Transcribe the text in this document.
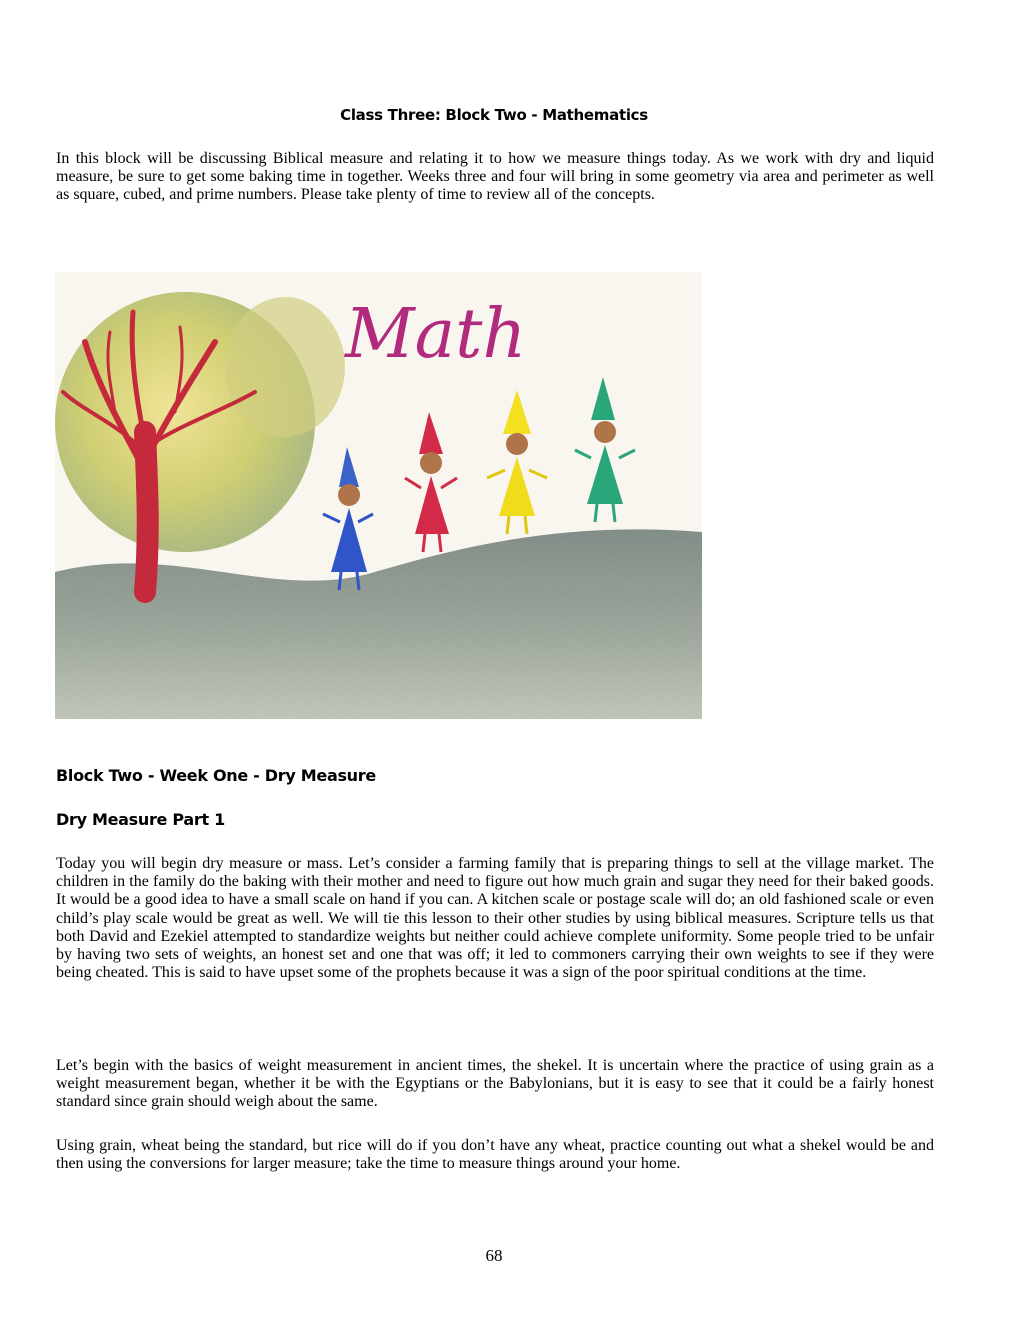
Class Three: Block Two - Mathematics

In this block will be discussing Biblical measure and relating it to how we measure things today. As we work with dry and liquid measure, be sure to get some baking time in together. Weeks three and four will bring in some geometry via area and perimeter as well as square, cubed, and prime numbers. Please take plenty of time to review all of the concepts.

Math
Block Two - Week One - Dry Measure
Dry Measure Part 1

Today you will begin dry measure or mass. Let’s consider a farming family that is preparing things to sell at the village market. The children in the family do the baking with their mother and need to figure out how much grain and sugar they need for their baked goods. It would be a good idea to have a small scale on hand if you can. A kitchen scale or postage scale will do; an old fashioned scale or even child’s play scale would be great as well. We will tie this lesson to their other studies by using biblical measures. Scripture tells us that both David and Ezekiel attempted to standardize weights but neither could achieve complete uniformity. Some people tried to be unfair by having two sets of weights, an honest set and one that was off; it led to commoners carrying their own weights to see if they were being cheated. This is said to have upset some of the prophets because it was a sign of the poor spiritual conditions at the time.

Let’s begin with the basics of weight measurement in ancient times, the shekel. It is uncertain where the practice of using grain as a weight measurement began, whether it be with the Egyptians or the Babylonians, but it is easy to see that it could be a fairly honest standard since grain should weigh about the same.

Using grain, wheat being the standard, but rice will do if you don’t have any wheat, practice counting out what a shekel would be and then using the conversions for larger measure; take the time to measure things around your home.

68
